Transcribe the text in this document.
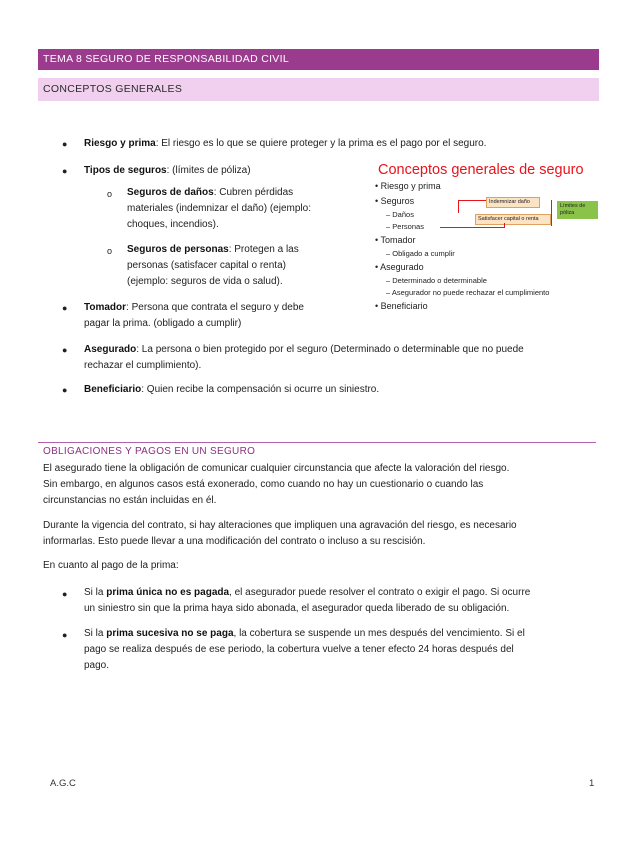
TEMA 8 SEGURO DE RESPONSABILIDAD CIVIL
CONCEPTOS GENERALES
● Riesgo y prima: El riesgo es lo que se quiere proteger y la prima es el pago por el seguro.
● Tipos de seguros: (límites de póliza)
o Seguros de daños: Cubren pérdidas
materiales (indemnizar el daño) (ejemplo:
choques, incendios).
o Seguros de personas: Protegen a las
personas (satisfacer capital o renta)
(ejemplo: seguros de vida o salud).
● Tomador: Persona que contrata el seguro y debe
pagar la prima. (obligado a cumplir)
● Asegurado: La persona o bien protegido por el seguro (Determinado o determinable que no puede
rechazar el cumplimiento).
● Beneficiario: Quien recibe la compensación si ocurre un siniestro.
Conceptos generales de seguro
• Riesgo y prima
• Seguros
– Daños
– Personas
• Tomador
– Obligado a cumplir
• Asegurado
– Determinado o determinable
– Asegurador no puede rechazar el cumplimiento
• Beneficiario
Indemnizar daño
Satisfacer capital o renta
Límites de
póliza
OBLIGACIONES Y PAGOS EN UN SEGURO
El asegurado tiene la obligación de comunicar cualquier circunstancia que afecte la valoración del riesgo.
Sin embargo, en algunos casos está exonerado, como cuando no hay un cuestionario o cuando las
circunstancias no están incluidas en él.
Durante la vigencia del contrato, si hay alteraciones que impliquen una agravación del riesgo, es necesario
informarlas. Esto puede llevar a una modificación del contrato o incluso a su rescisión.
En cuanto al pago de la prima:
● Si la prima única no es pagada, el asegurador puede resolver el contrato o exigir el pago. Si ocurre
un siniestro sin que la prima haya sido abonada, el asegurador queda liberado de su obligación.
● Si la prima sucesiva no se paga, la cobertura se suspende un mes después del vencimiento. Si el
pago se realiza después de ese periodo, la cobertura vuelve a tener efecto 24 horas después del
pago.
A.G.C	1
